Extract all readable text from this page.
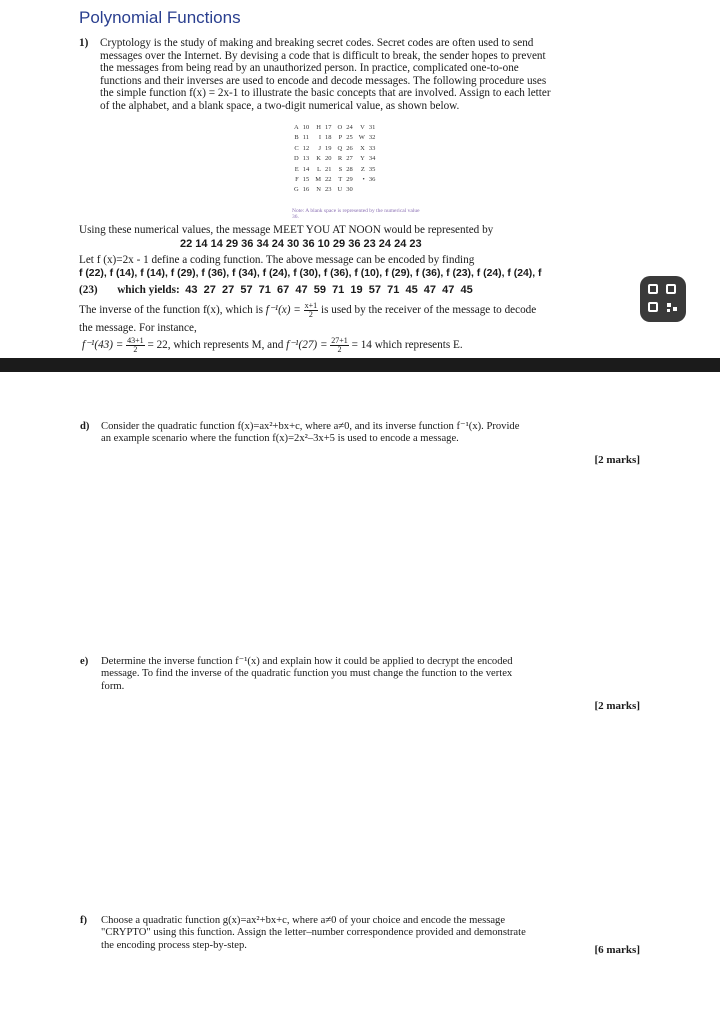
Polynomial Functions
1) Cryptology is the study of making and breaking secret codes. Secret codes are often used to send
messages over the Internet. By devising a code that is difficult to break, the sender hopes to prevent
the messages from being read by an unauthorized person. In practice, complicated one-to-one
functions and their inverses are used to encode and decode messages. The following procedure uses
the simple function f(x) = 2x-1 to illustrate the basic concepts that are involved. Assign to each letter
of the alphabet, and a blank space, a two-digit numerical value, as shown below.
A	10	H	17	O	24	V	31
B	11	I	18	P	25	W	32
C	12	J	19	Q	26	X	33
D	13	K	20	R	27	Y	34
E	14	L	21	S	28	Z	35
F	15	M	22	T	29	•	36
G	16	N	23	U	30		
Note: A blank space is represented by the numerical value 36.
Using these numerical values, the message MEET YOU AT NOON would be represented by
22 14 14 29 36 34 24 30 36 10 29 36 23 24 24 23
Let f (x)=2x - 1 define a coding function. The above message can be encoded by finding
f (22), f (14), f (14), f (29), f (36), f (34), f (24), f (30), f (36), f (10), f (29), f (36), f (23), f (24), f (24), f
(23)       which yields: 43  27  27  57  71  67  47  59  71  19  57  71  45  47  47  45
The inverse of the function f(x), which is $f^{-1}(x) = \frac{x+1}{2}$ is used by the receiver of the message to decode
the message. For instance,
$f^{-1}(43) = \frac{43+1}{2} = 22$, which represents M, and $f^{-1}(27) = \frac{27+1}{2} = 14$ which represents E.
d) Consider the quadratic function f(x)=ax²+bx+c, where a≠0, and its inverse function f⁻¹(x). Provide
an example scenario where the function f(x)=2x²–3x+5 is used to encode a message.
[2 marks]
e) Determine the inverse function f⁻¹(x) and explain how it could be applied to decrypt the encoded
message. To find the inverse of the quadratic function you must change the function to the vertex
form.
[2 marks]
f) Choose a quadratic function g(x)=ax²+bx+c, where a≠0 of your choice and encode the message
"CRYPTO" using this function. Assign the letter–number correspondence provided and demonstrate
the encoding process step-by-step.	[6 marks]
